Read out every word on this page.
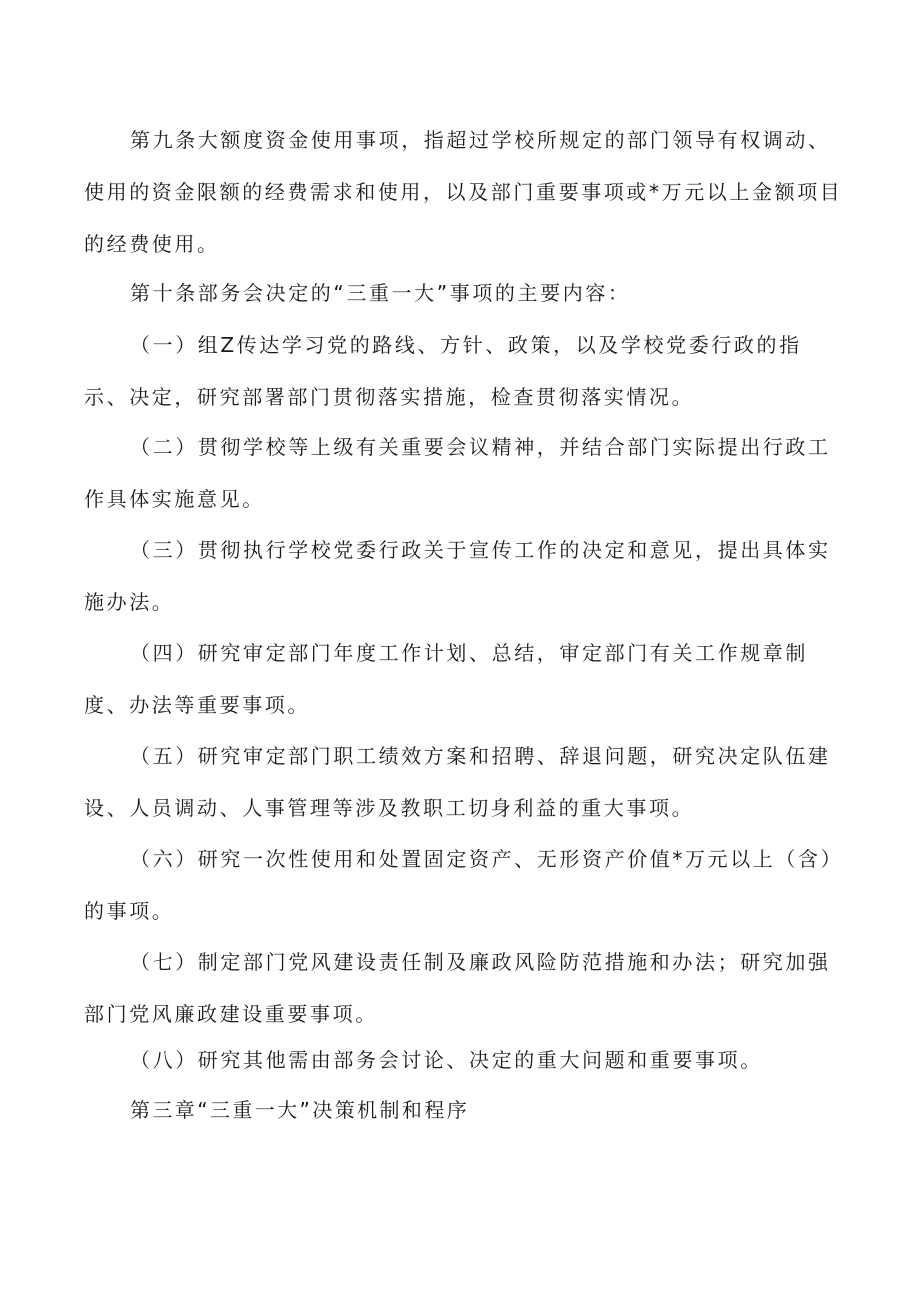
第九条大额度资金使用事项，指超过学校所规定的部门领导有权调动、使用的资金限额的经费需求和使用，以及部门重要事项或*万元以上金额项目的经费使用。

第十条部务会决定的“三重一大”事项的主要内容：

（一）组Z传达学习党的路线、方针、政策，以及学校党委行政的指示、决定，研究部署部门贯彻落实措施，检查贯彻落实情况。

（二）贯彻学校等上级有关重要会议精神，并结合部门实际提出行政工作具体实施意见。

（三）贯彻执行学校党委行政关于宣传工作的决定和意见，提出具体实施办法。

（四）研究审定部门年度工作计划、总结，审定部门有关工作规章制度、办法等重要事项。

（五）研究审定部门职工绩效方案和招聘、辞退问题，研究决定队伍建设、人员调动、人事管理等涉及教职工切身利益的重大事项。

（六）研究一次性使用和处置固定资产、无形资产价值*万元以上（含）的事项。

（七）制定部门党风建设责任制及廉政风险防范措施和办法；研究加强部门党风廉政建设重要事项。

（八）研究其他需由部务会讨论、决定的重大问题和重要事项。

第三章“三重一大”决策机制和程序
